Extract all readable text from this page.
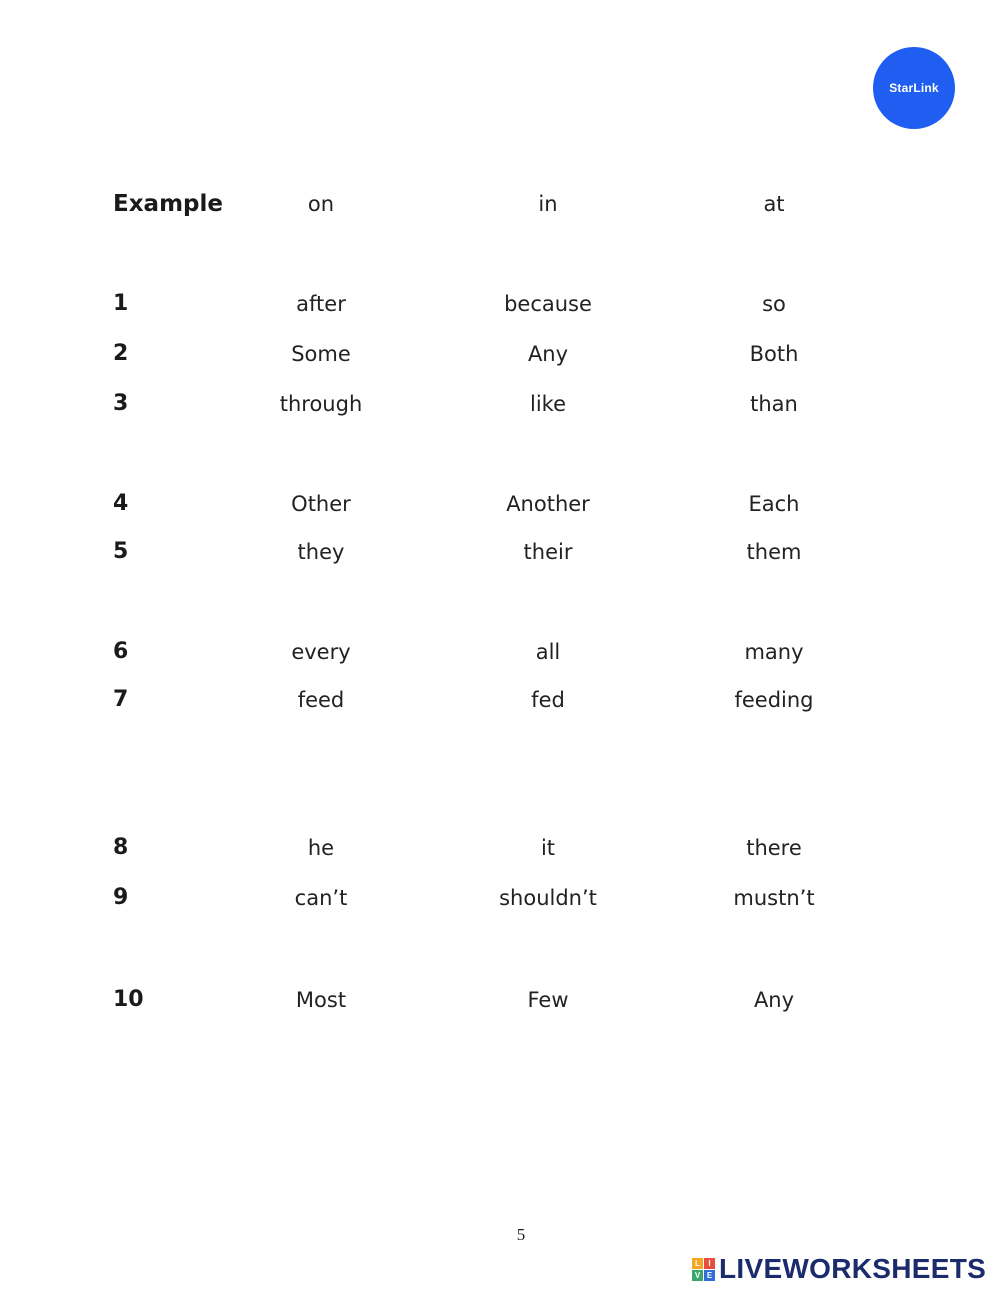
StarLink
Example	on	in	at
1	after	because	so
2	Some	Any	Both
3	through	like	than
4	Other	Another	Each
5	they	their	them
6	every	all	many
7	feed	fed	feeding
8	he	it	there
9	can’t	shouldn’t	mustn’t
10	Most	Few	Any
5
L	I
V E LIVEWORKSHEETS
